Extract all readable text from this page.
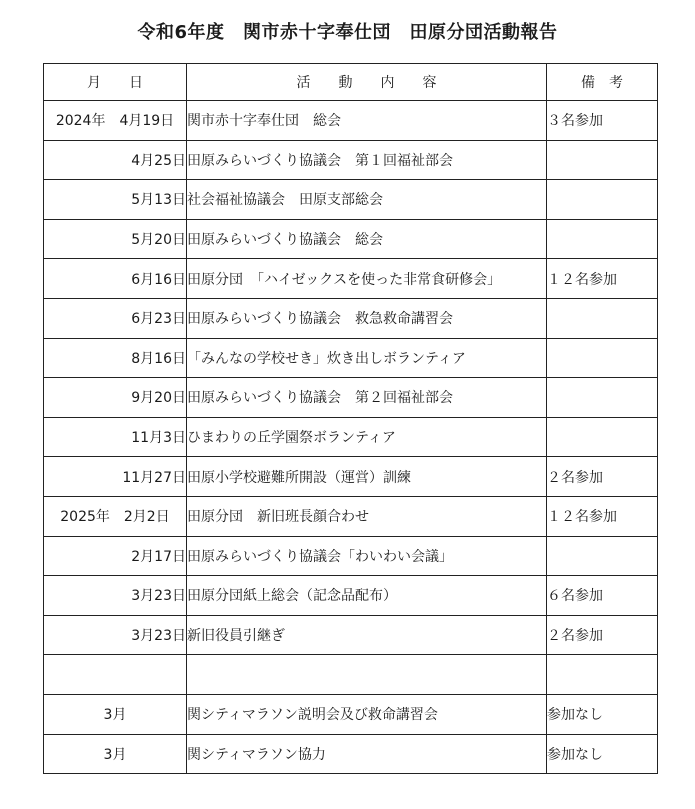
令和6年度　関市赤十字奉仕団　田原分団活動報告
月　　日	活　　動　　内　　容	備　考
2024年　4月19日	関市赤十字奉仕団　総会	３名参加
4月25日	田原みらいづくり協議会　第１回福祉部会	
5月13日	社会福祉協議会　田原支部総会	
5月20日	田原みらいづくり協議会　総会	
6月16日	田原分団　「ハイゼックスを使った非常食研修会」	１２名参加
6月23日	田原みらいづくり協議会　救急救命講習会	
8月16日	「みんなの学校せき」炊き出しボランティア	
9月20日	田原みらいづくり協議会　第２回福祉部会	
11月3日	ひまわりの丘学園祭ボランティア	
11月27日	田原小学校避難所開設（運営）訓練	２名参加
2025年　2月2日	田原分団　新旧班長顔合わせ	１２名参加
2月17日	田原みらいづくり協議会「わいわい会議」	
3月23日	田原分団紙上総会（記念品配布）	６名参加
3月23日	新旧役員引継ぎ	２名参加

3月	関シティマラソン説明会及び救命講習会	参加なし
3月	関シティマラソン協力	参加なし
